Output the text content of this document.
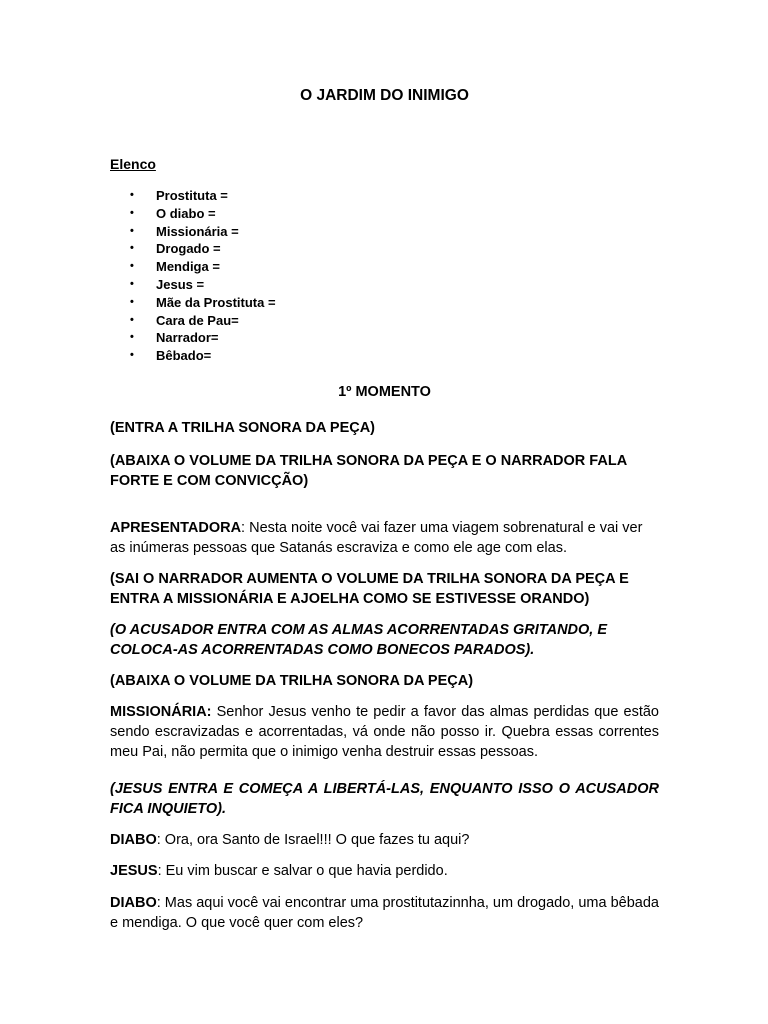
O JARDIM DO INIMIGO
Elenco
• Prostituta =
• O diabo =
• Missionária =
• Drogado =
• Mendiga =
• Jesus =
• Mãe da Prostituta =
• Cara de Pau=
• Narrador=
• Bêbado=
1º MOMENTO
(ENTRA A TRILHA SONORA DA PEÇA)
(ABAIXA O VOLUME DA TRILHA SONORA DA PEÇA E O NARRADOR FALA FORTE E COM CONVICÇÃO)
APRESENTADORA: Nesta noite você vai fazer uma viagem sobrenatural e vai ver as inúmeras pessoas que Satanás escraviza e como ele age com elas.
(SAI O NARRADOR AUMENTA O VOLUME DA TRILHA SONORA DA PEÇA E ENTRA A MISSIONÁRIA E AJOELHA COMO SE ESTIVESSE ORANDO)
(O ACUSADOR ENTRA COM AS ALMAS ACORRENTADAS GRITANDO, E COLOCA-AS ACORRENTADAS COMO BONECOS PARADOS).
(ABAIXA O VOLUME DA TRILHA SONORA DA PEÇA)
MISSIONÁRIA: Senhor Jesus venho te pedir a favor das almas perdidas que estão sendo escravizadas e acorrentadas, vá onde não posso ir. Quebra essas correntes meu Pai, não permita que o inimigo venha destruir essas pessoas.
(JESUS ENTRA E COMEÇA A LIBERTÁ-LAS, ENQUANTO ISSO O ACUSADOR FICA INQUIETO).
DIABO: Ora, ora Santo de Israel!!! O que fazes tu aqui?
JESUS: Eu vim buscar e salvar o que havia perdido.
DIABO: Mas aqui você vai encontrar uma prostitutazinnha, um drogado, uma bêbada e mendiga. O que você quer com eles?
